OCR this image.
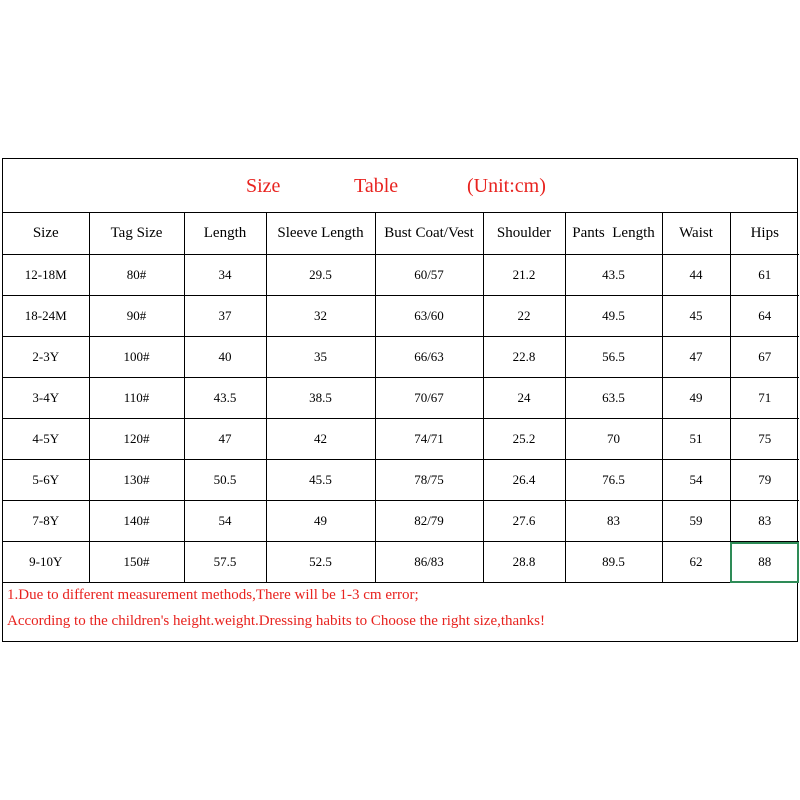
Size	Table	(Unit:cm)
Size	Tag Size	Length	Sleeve Length	Bust Coat/Vest	Shoulder	Pants  Length	Waist	Hips
12-18M	80#	34	29.5	60/57	21.2	43.5	44	61
18-24M	90#	37	32	63/60	22	49.5	45	64
2-3Y	100#	40	35	66/63	22.8	56.5	47	67
3-4Y	110#	43.5	38.5	70/67	24	63.5	49	71
4-5Y	120#	47	42	74/71	25.2	70	51	75
5-6Y	130#	50.5	45.5	78/75	26.4	76.5	54	79
7-8Y	140#	54	49	82/79	27.6	83	59	83
9-10Y	150#	57.5	52.5	86/83	28.8	89.5	62	88
1.Due to different measurement methods,There will be 1-3 cm error;
According to the children's height.weight.Dressing habits to Choose the right size,thanks!
